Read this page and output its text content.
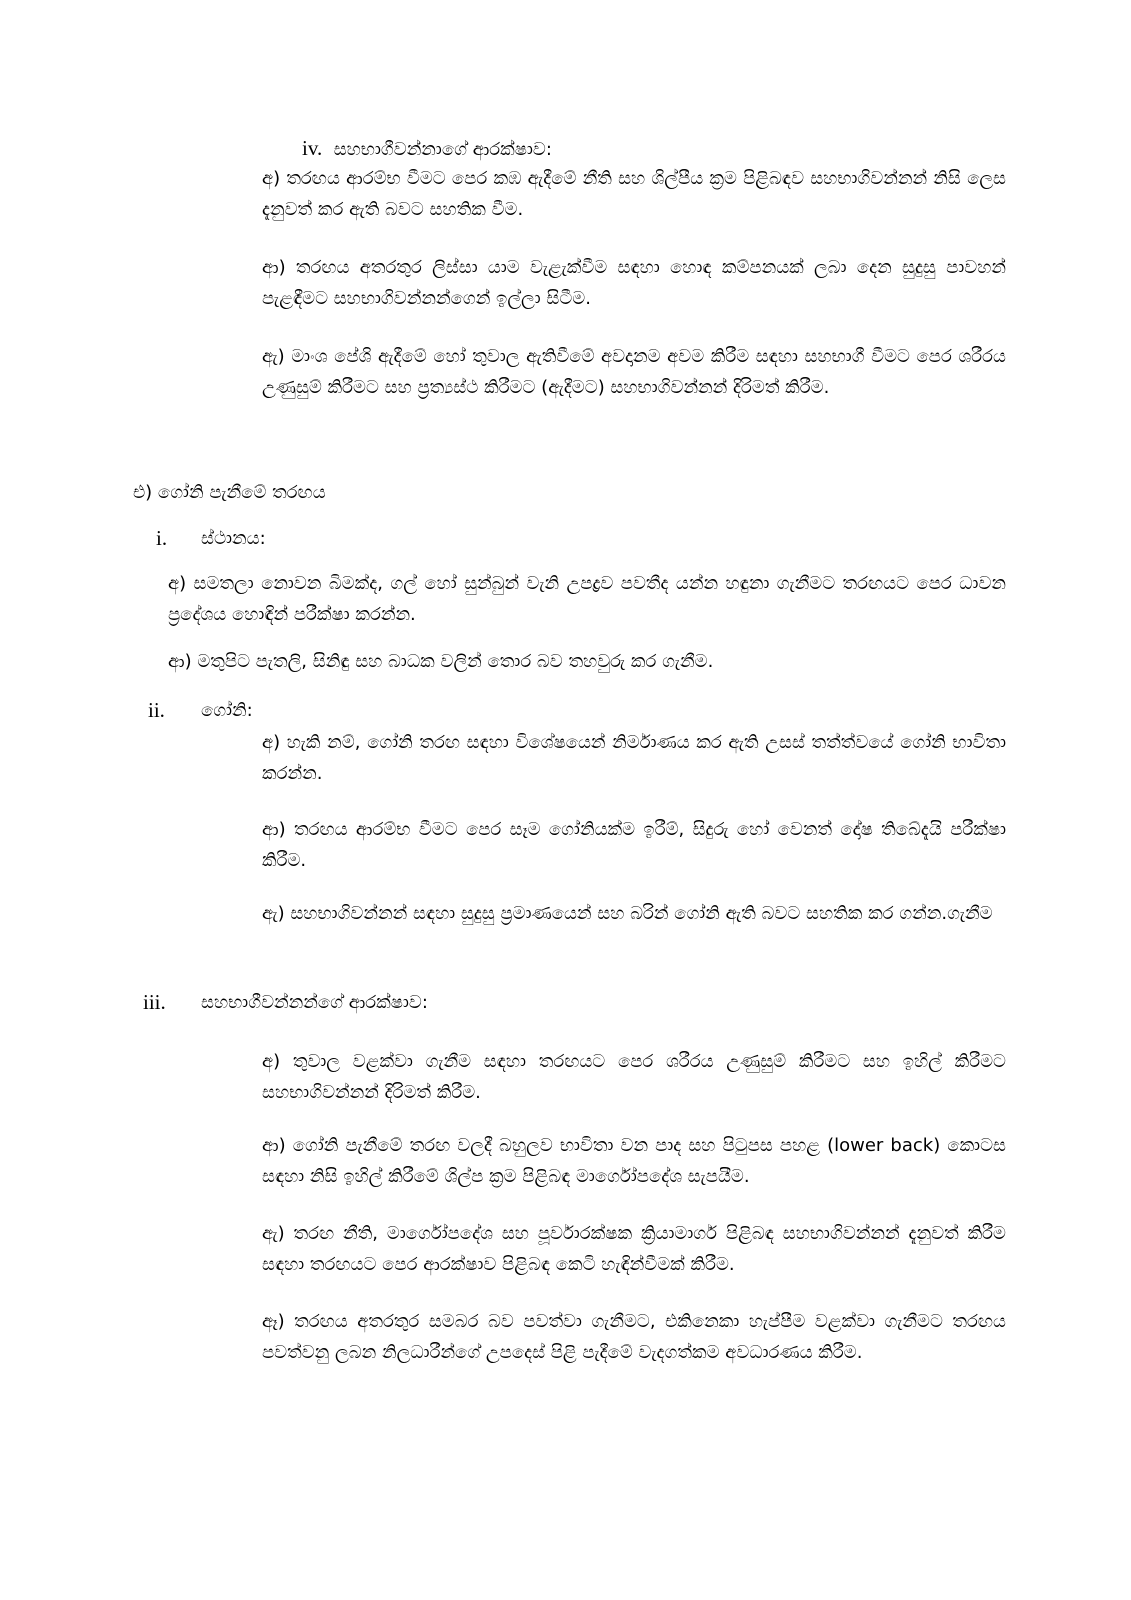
iv. සහභාගීවන්නාගේ ආරක්ෂාව:
අ) තරඟය ආරම්භ වීමට පෙර කඹ ඇදීමේ නීති සහ ශිල්පීය ක්‍රම පිළිබඳව සහභාගිවන්නන් නිසි ලෙස දැනුවත් කර ඇති බවට සහතික වීම.
ආ) තරඟය අතරතුර ලිස්සා යාම වැළැක්වීම සඳහා හොඳ කම්පනයක් ලබා දෙන සුදුසු පාවහන් පැළඳීමට සහභාගිවන්නන්ගෙන් ඉල්ලා සිටීම.
ඇ) මාංශ පේශි ඇදීමේ හෝ තුවාල ඇතිවීමේ අවදානම අවම කිරීම සඳහා සහභාගී වීමට පෙර ශරීරය උණුසුම් කිරීමට සහ ප්‍රත්‍යස්ථ කිරීමට (ඇදීමට) සහභාගිවන්නන් දිරිමත් කිරීම.
එ) ගෝනි පැනීමේ තරඟය
i. ස්ථානය:
අ) සමතලා නොවන බිමක්ද, ගල් හෝ සුන්බුන් වැනි උපද්‍රව පවතීද යන්න හඳුනා ගැනීමට තරඟයට පෙර ධාවන ප්‍රදේශය හොඳින් පරීක්ෂා කරන්න.
ආ) මතුපිට පැතලි, සිනිඳු සහ බාධක වලින් තොර බව තහවුරු කර ගැනීම.
ii. ගෝනි:
අ) හැකි නම්, ගෝනි තරඟ සඳහා විශේෂයෙන් නිර්මාණය කර ඇති උසස් තත්ත්වයේ ගෝනි භාවිතා කරන්න.
ආ) තරඟය ආරම්භ වීමට පෙර සෑම ගෝනියක්ම ඉරීම්, සිදුරු හෝ වෙනත් දෝෂ තිබේදැයි පරීක්ෂා කිරීම.
ඇ) සහභාගිවන්නන් සඳහා සුදුසු ප්‍රමාණයෙන් සහ බරින් ගෝනි ඇති බවට සහතික කර ගන්න.ගැනීම
iii. සහභාගීවන්නන්ගේ ආරක්ෂාව:
අ) තුවාල වළක්වා ගැනීම සඳහා තරඟයට පෙර ශරීරය උණුසුම් කිරීමට සහ ඉහිල් කිරීමට සහභාගිවන්නන් දිරිමත් කිරීම.
ආ) ගෝනි පැනීමේ තරඟ වලදී බහුලව භාවිතා වන පාද සහ පිටුපස පහළ (lower back) කොටස සඳහා නිසි ඉහිල් කිරීමේ ශිල්ප ක්‍රම පිළිබඳ මාර්ගෝපදේශ සැපයීම.
ඇ) තරඟ නීති, මාර්ගෝපදේශ සහ පූර්වාරක්ෂක ක්‍රියාමාර්ග පිළිබඳ සහභාගිවන්නන් දැනුවත් කිරීම සඳහා තරඟයට පෙර ආරක්ෂාව පිළිබඳ කෙටි හැඳින්වීමක් කිරීම.
ඈ) තරඟය අතරතුර සමබර බව පවත්වා ගැනීමට, එකිනෙකා හැප්පීම වළක්වා ගැනීමට තරඟය පවත්වනු ලබන නිලධාරීන්ගේ උපදෙස් පිළි පැදීමේ වැදගත්කම අවධාරණය කිරීම.
